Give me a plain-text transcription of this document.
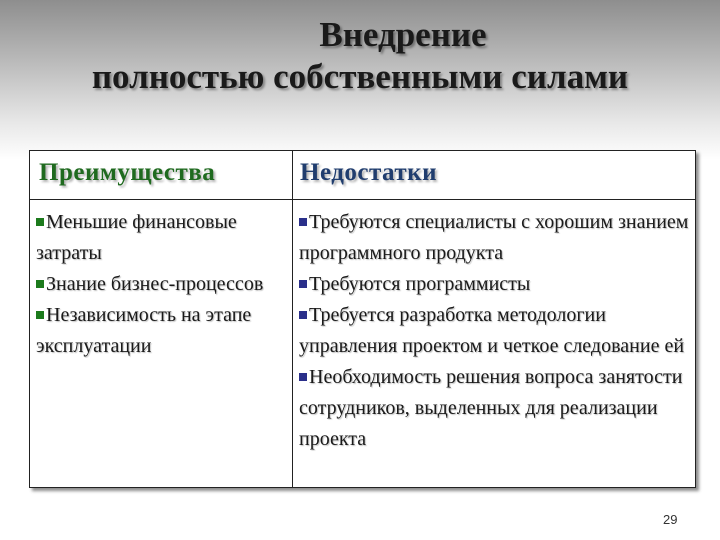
Внедрение
полностью собственными силами
Преимущества	Недостатки
Меньшие финансовые затраты
Знание бизнес-процессов
Независимость на этапе эксплуатации
Требуются специалисты с хорошим знанием программного продукта
Требуются программисты
Требуется разработка методологии управления проектом и четкое следование ей
Необходимость решения вопроса занятости сотрудников, выделенных для реализации проекта
29
